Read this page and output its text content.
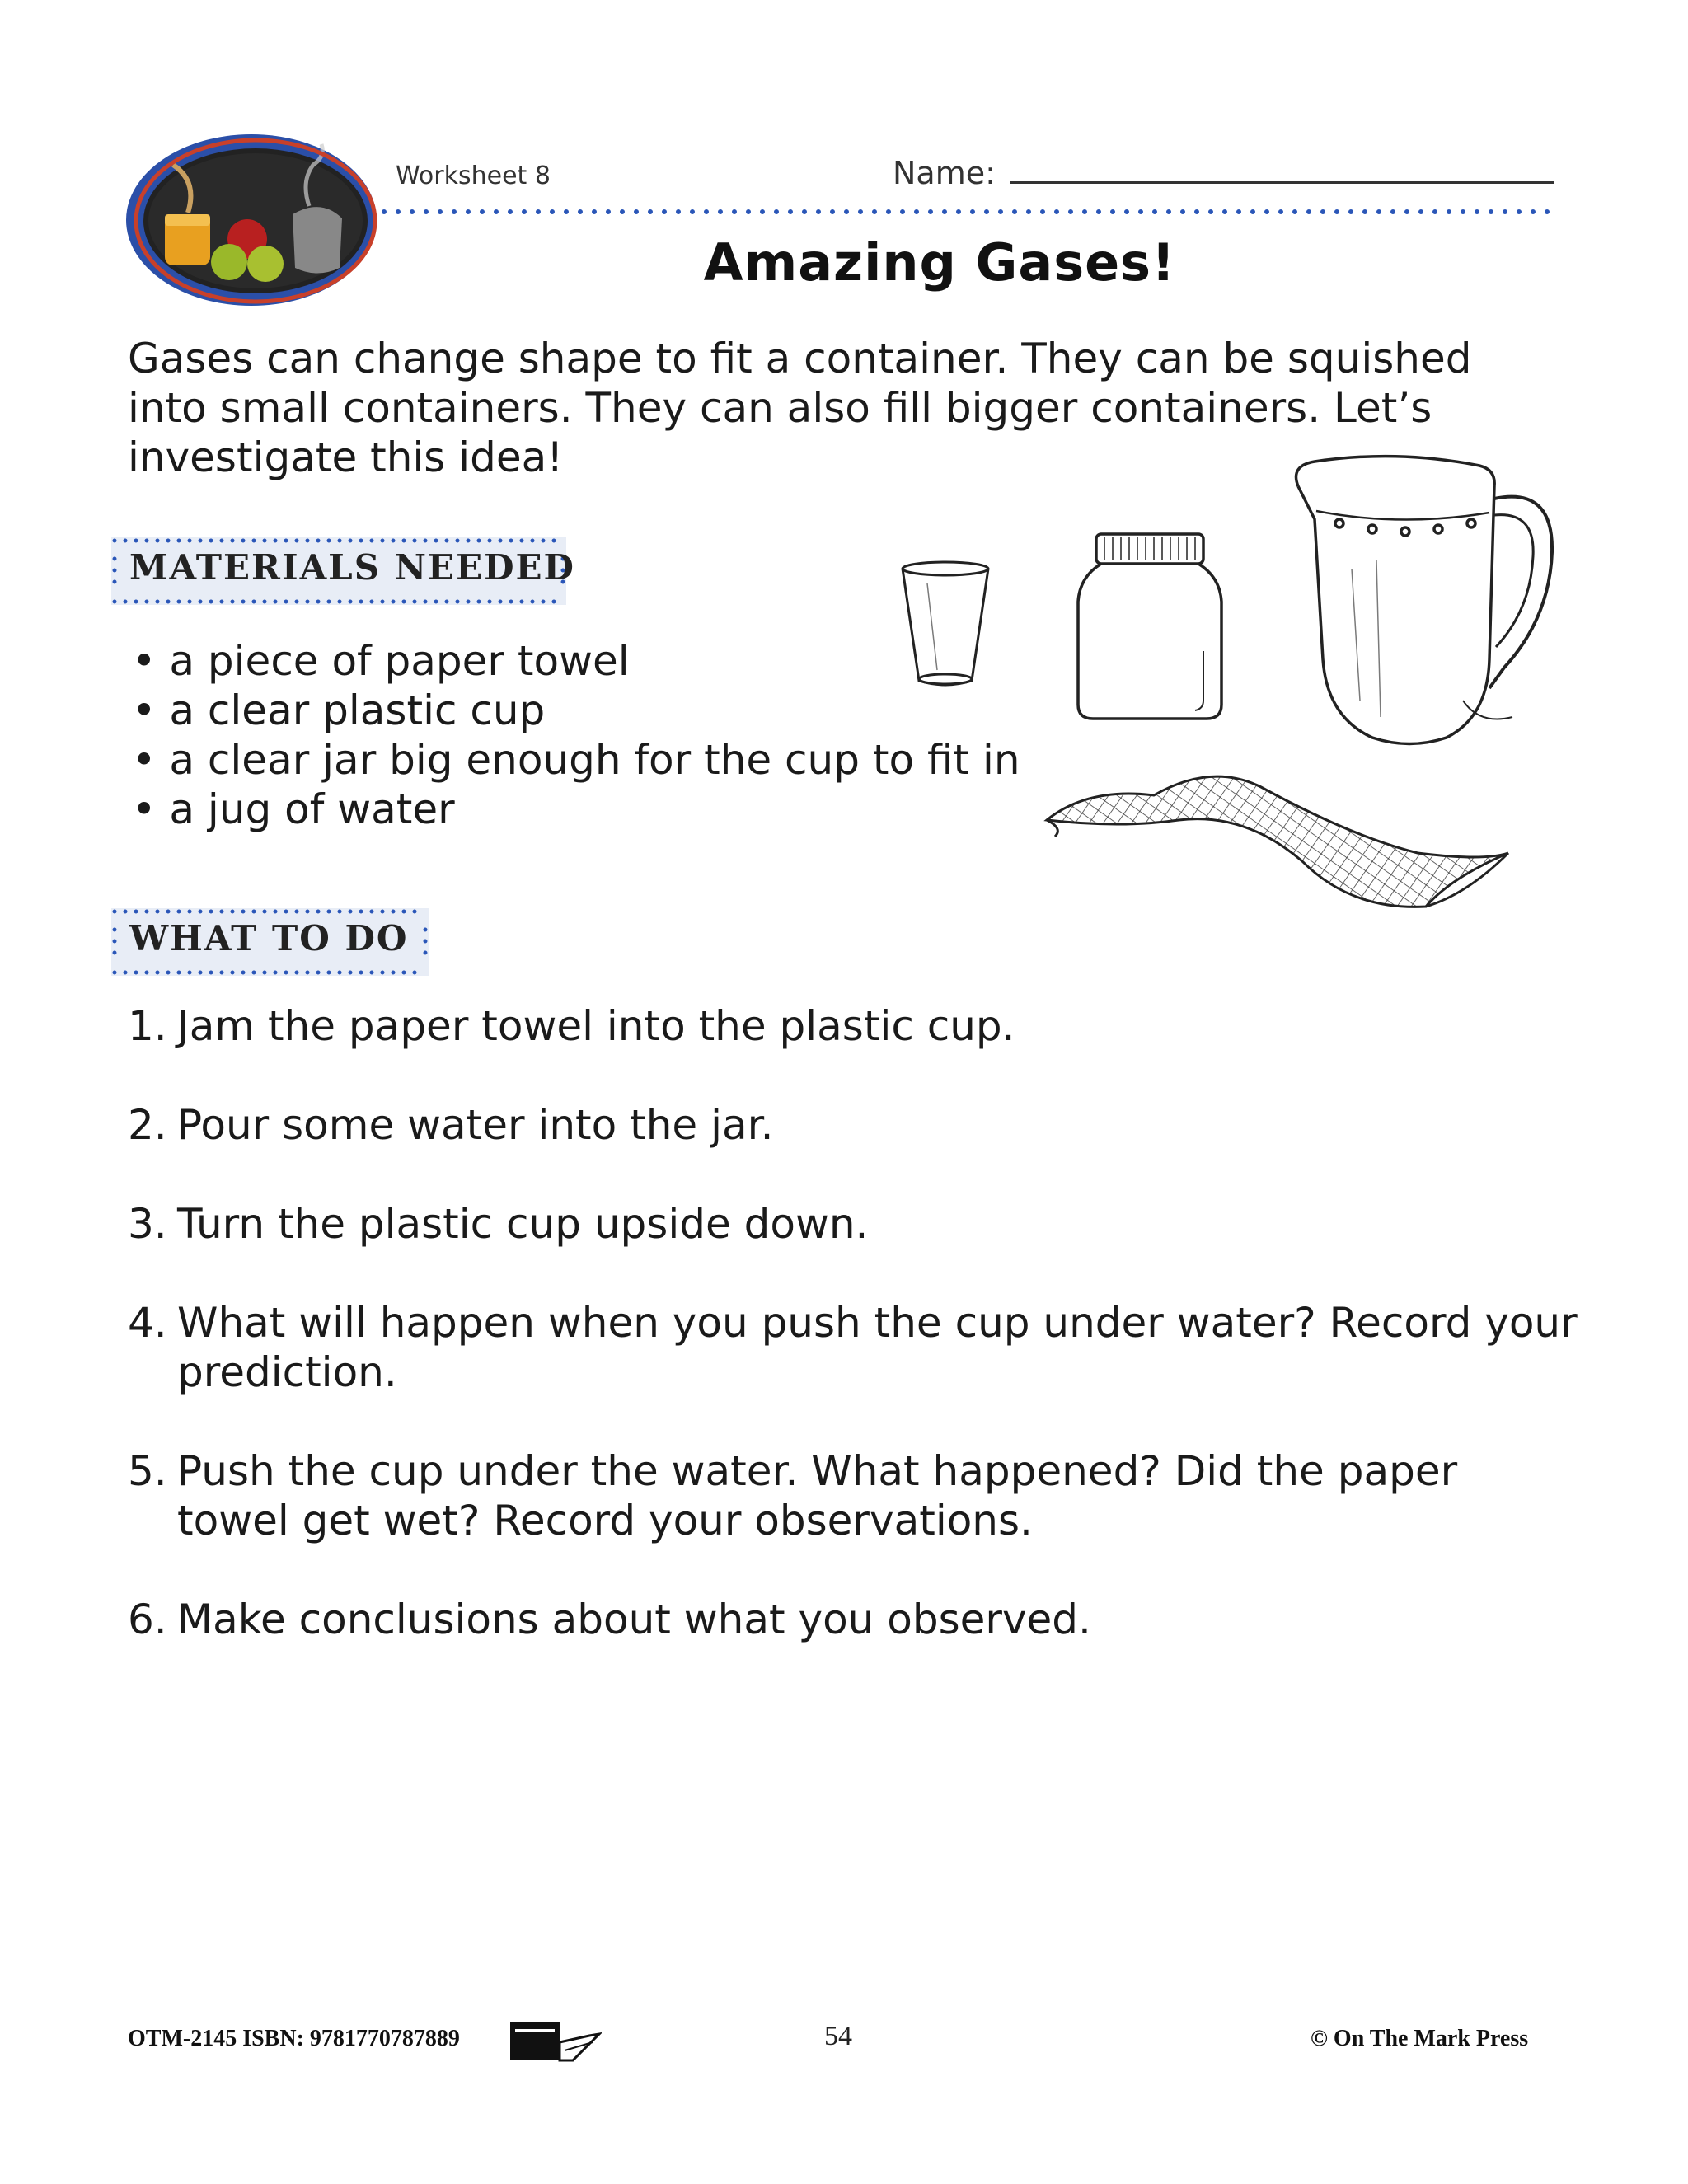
Worksheet 8	Name:
Amazing Gases!
Gases can change shape to fit a container. They can be squished into small containers. They can also fill bigger containers. Let’s investigate this idea!
MATERIALS NEEDED
• a piece of paper towel
• a clear plastic cup
• a clear jar big enough for the cup to fit in
• a jug of water
WHAT TO DO
1. Jam the paper towel into the plastic cup.
2. Pour some water into the jar.
3. Turn the plastic cup upside down.
4. What will happen when you push the cup under water? Record your prediction.
5. Push the cup under the water. What happened? Did the paper towel get wet? Record your observations.
6. Make conclusions about what you observed.
OTM-2145 ISBN: 9781770787889	54	© On The Mark Press
